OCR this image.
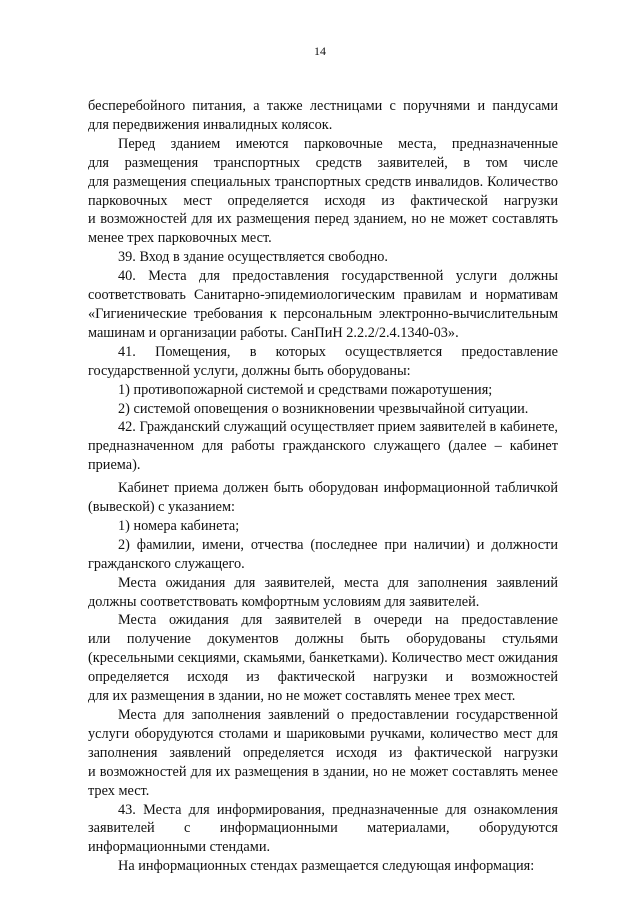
14

бесперебойного питания, а также лестницами с поручнями и пандусами

для передвижения инвалидных колясок.

Перед зданием имеются парковочные места, предназначенные

для размещения транспортных средств заявителей, в том числе

для размещения специальных транспортных средств инвалидов. Количество

парковочных мест определяется исходя из фактической нагрузки

и возможностей для их размещения перед зданием, но не может составлять

менее трех парковочных мест.

39. Вход в здание осуществляется свободно.

40. Места для предоставления государственной услуги должны

соответствовать Санитарно-эпидемиологическим правилам и нормативам

«Гигиенические требования к персональным электронно-вычислительным

машинам и организации работы. СанПиН 2.2.2/2.4.1340-03».

41. Помещения, в которых осуществляется предоставление

государственной услуги, должны быть оборудованы:

1) противопожарной системой и средствами пожаротушения;

2) системой оповещения о возникновении чрезвычайной ситуации.

42. Гражданский служащий осуществляет прием заявителей в кабинете,

предназначенном для работы гражданского служащего (далее – кабинет

приема).

Кабинет приема должен быть оборудован информационной табличкой

(вывеской) с указанием:

1) номера кабинета;

2) фамилии, имени, отчества (последнее при наличии) и должности

гражданского служащего.

Места ожидания для заявителей, места для заполнения заявлений

должны соответствовать комфортным условиям для заявителей.

Места ожидания для заявителей в очереди на предоставление

или получение документов должны быть оборудованы стульями

(кресельными секциями, скамьями, банкетками). Количество мест ожидания

определяется исходя из фактической нагрузки и возможностей

для их размещения в здании, но не может составлять менее трех мест.

Места для заполнения заявлений о предоставлении государственной

услуги оборудуются столами и шариковыми ручками, количество мест для

заполнения заявлений определяется исходя из фактической нагрузки

и возможностей для их размещения в здании, но не может составлять менее

трех мест.

43. Места для информирования, предназначенные для ознакомления

заявителей с информационными материалами, оборудуются

информационными стендами.

На информационных стендах размещается следующая информация:
